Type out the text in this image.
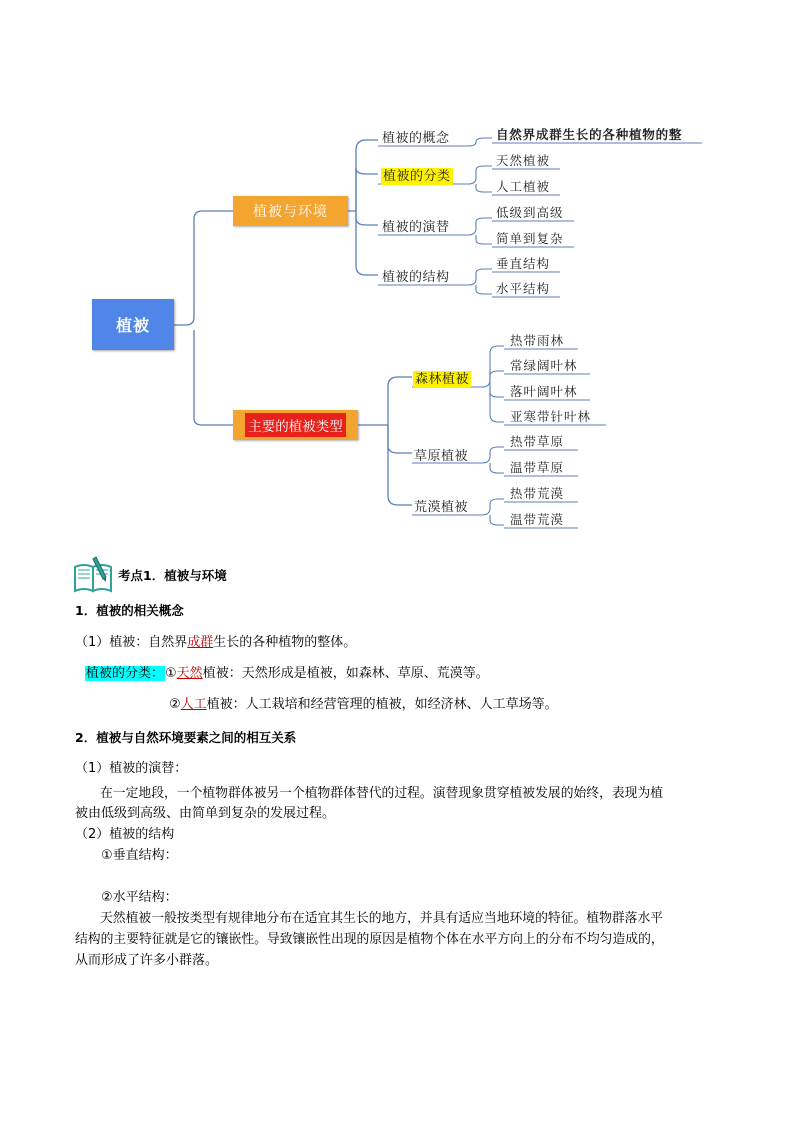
植被
植被与环境
主要的植被类型
植被的概念
植被的分类
植被的演替
植被的结构
自然界成群生长的各种植物的整
天然植被
人工植被
低级到高级
简单到复杂
垂直结构
水平结构
森林植被
草原植被
荒漠植被
热带雨林
常绿阔叶林
落叶阔叶林
亚寒带针叶林
热带草原
温带草原
热带荒漠
温带荒漠
考点1．植被与环境
1．植被的相关概念
（1）植被：自然界成群生长的各种植物的整体。
植被的分类：①天然植被：天然形成是植被，如森林、草原、荒漠等。
②人工植被：人工栽培和经营管理的植被，如经济林、人工草场等。
2．植被与自然环境要素之间的相互关系
（1）植被的演替：
在一定地段，一个植物群体被另一个植物群体替代的过程。演替现象贯穿植被发展的始终，表现为植
被由低级到高级、由简单到复杂的发展过程。
（2）植被的结构
①垂直结构：
②水平结构：
天然植被一般按类型有规律地分布在适宜其生长的地方，并具有适应当地环境的特征。植物群落水平
结构的主要特征就是它的镶嵌性。导致镶嵌性出现的原因是植物个体在水平方向上的分布不均匀造成的，
从而形成了许多小群落。
